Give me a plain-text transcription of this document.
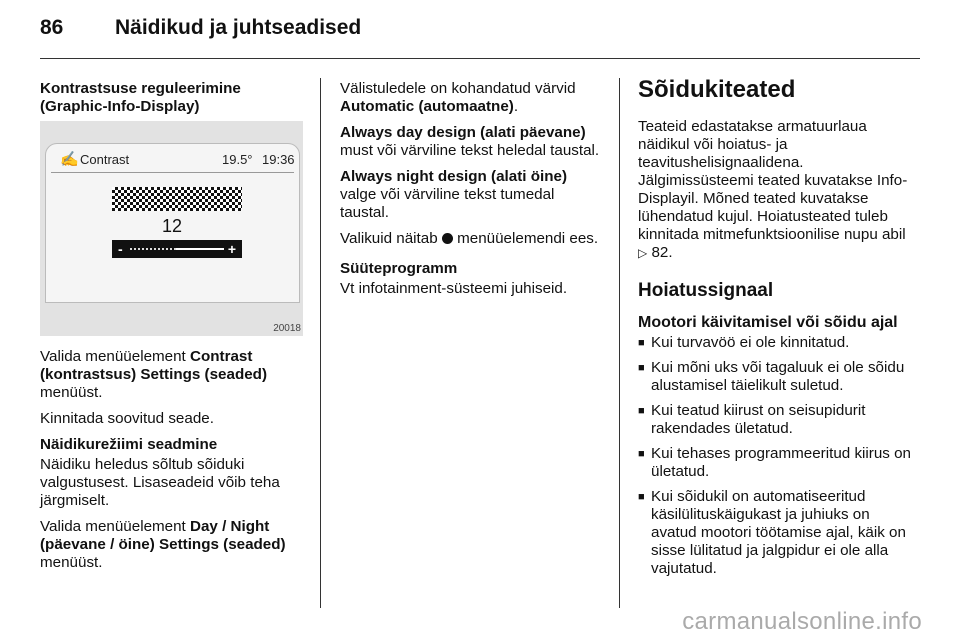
86 Näidikud ja juhtseadised
Kontrastsuse reguleerimine
(Graphic-Info-Display)
✍ Contrast	19.5° 19:36
12
-	+
20018

Valida menüüelement Contrast (kontrastsus) Settings (seaded) menüüst.

Kinnitada soovitud seade.

Näidikurežiimi seadmine

Näidiku heledus sõltub sõiduki valgustusest. Lisaseadeid võib teha järgmiselt.

Valida menüüelement Day / Night (päevane / öine) Settings (seaded) menüüst.

Välistuledele on kohandatud värvid Automatic (automaatne).

Always day design (alati päevane) must või värviline tekst heledal taustal.

Always night design (alati öine) valge või värviline tekst tumedal taustal.

Valikuid näitab  menüüelemendi ees.

Süüteprogramm

Vt infotainment-süsteemi juhiseid.

Sõidukiteated

Teateid edastatakse armatuurlaua näidikul või hoiatus- ja teavitushelisignaalidena. Jälgimissüsteemi teated kuvatakse Info-Displayil. Mõned teated kuvatakse lühendatud kujul. Hoiatusteated tuleb kinnitada mitmefunktsioonilise nupu abil ▷ 82.

Hoiatussignaal
Mootori käivitamisel või sõidu ajal
■ Kui turvavöö ei ole kinnitatud.
■ Kui mõni uks või tagaluuk ei ole sõidu alustamisel täielikult suletud.
■ Kui teatud kiirust on seisupidurit rakendades ületatud.
■ Kui tehases programmeeritud kiirus on ületatud.
■ Kui sõidukil on automatiseeritud käsilülituskäigukast ja juhiuks on avatud mootori töötamise ajal, käik on sisse lülitatud ja jalgpidur ei ole alla vajutatud.
carmanualsonline.info
